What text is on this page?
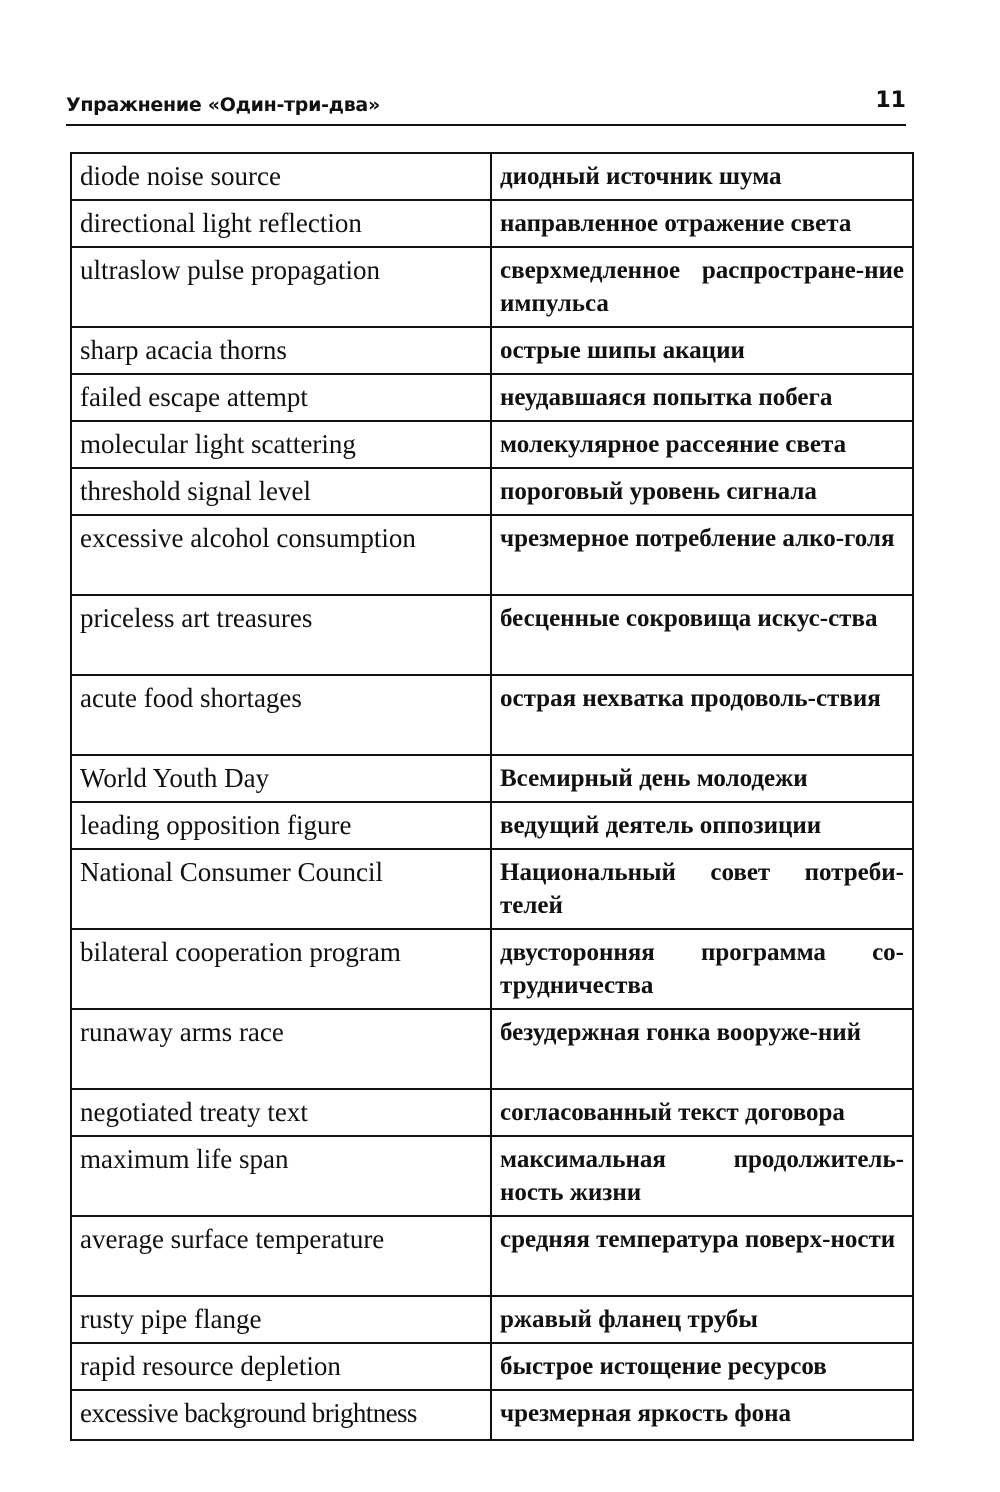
Упражнение «Один-три-два»	11
diode noise source	диодный источник шума
directional light reflection	направленное отражение света
ultraslow pulse propagation	сверхмедленное распростране-ние импульса
sharp acacia thorns	острые шипы акации
failed escape attempt	неудавшаяся попытка побега
molecular light scattering	молекулярное рассеяние света
threshold signal level	пороговый уровень сигнала
excessive alcohol consumption	чрезмерное потребление алко-голя
priceless art treasures	бесценные сокровища искус-ства
acute food shortages	острая нехватка продоволь-ствия
World Youth Day	Всемирный день молодежи
leading opposition figure	ведущий деятель оппозиции
National Consumer Council	Национальный совет потреби-телей
bilateral cooperation program	двусторонняя программа со-трудничества
runaway arms race	безудержная гонка вооруже-ний
negotiated treaty text	согласованный текст договора
maximum life span	максимальная продолжитель-ность жизни
average surface temperature	средняя температура поверх-ности
rusty pipe flange	ржавый фланец трубы
rapid resource depletion	быстрое истощение ресурсов
excessive background brightness	чрезмерная яркость фона
